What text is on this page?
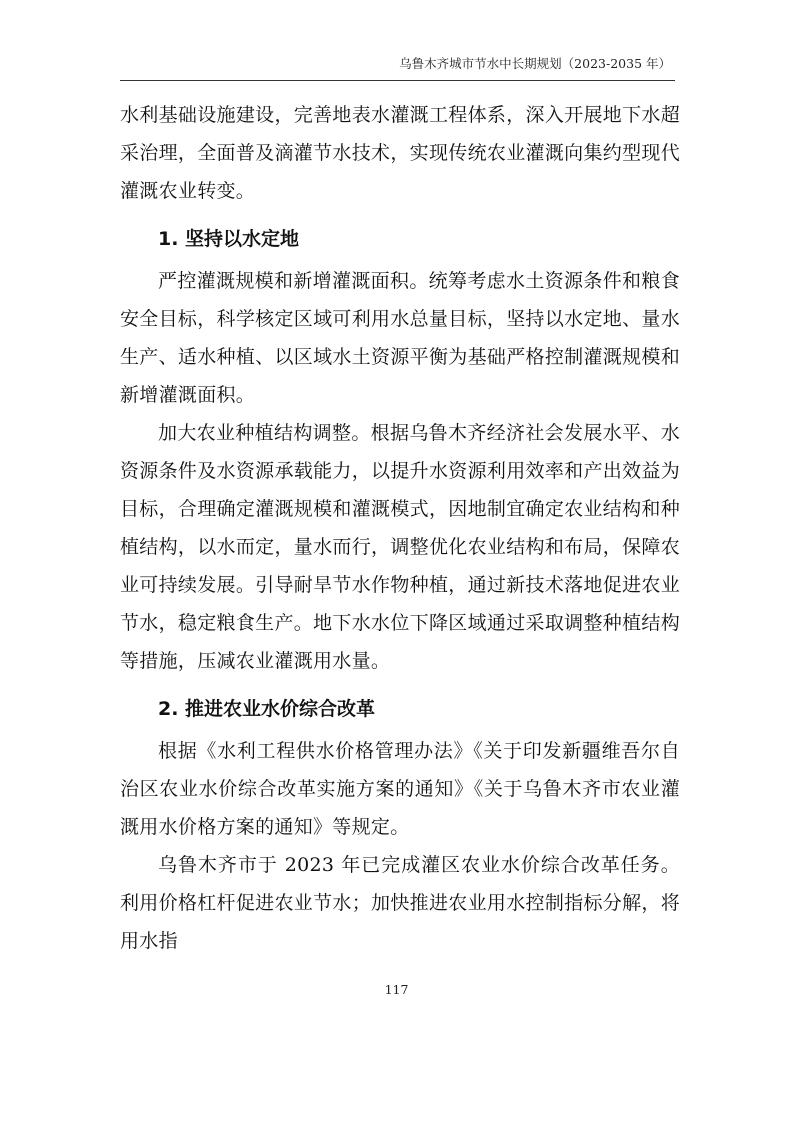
乌鲁木齐城市节水中长期规划（2023-2035 年）

水利基础设施建设，完善地表水灌溉工程体系，深入开展地下水超采治理，全面普及滴灌节水技术，实现传统农业灌溉向集约型现代灌溉农业转变。

1. 坚持以水定地

严控灌溉规模和新增灌溉面积。统筹考虑水土资源条件和粮食安全目标，科学核定区域可利用水总量目标，坚持以水定地、量水生产、适水种植、以区域水土资源平衡为基础严格控制灌溉规模和新增灌溉面积。

加大农业种植结构调整。根据乌鲁木齐经济社会发展水平、水资源条件及水资源承载能力，以提升水资源利用效率和产出效益为目标，合理确定灌溉规模和灌溉模式，因地制宜确定农业结构和种植结构，以水而定，量水而行，调整优化农业结构和布局，保障农业可持续发展。引导耐旱节水作物种植，通过新技术落地促进农业节水，稳定粮食生产。地下水水位下降区域通过采取调整种植结构等措施，压减农业灌溉用水量。

2. 推进农业水价综合改革

根据《水利工程供水价格管理办法》《关于印发新疆维吾尔自治区农业水价综合改革实施方案的通知》《关于乌鲁木齐市农业灌溉用水价格方案的通知》等规定。

乌鲁木齐市于 2023 年已完成灌区农业水价综合改革任务。利用价格杠杆促进农业节水；加快推进农业用水控制指标分解，将用水指

117
